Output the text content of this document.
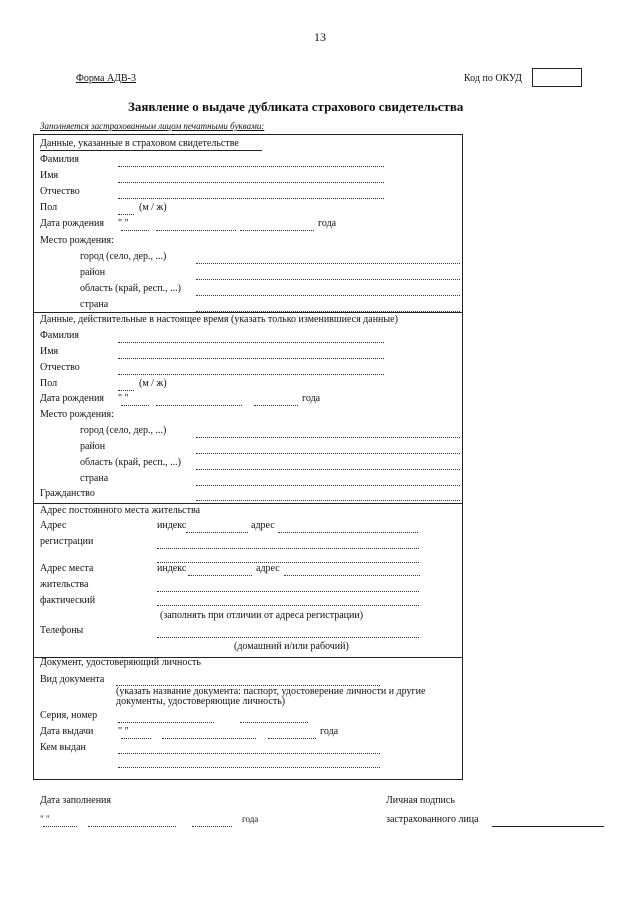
13
Форма АДВ-3	Код по ОКУД
Заявление о выдаче дубликата страхового свидетельства
Заполняется застрахованным лицом печатными буквами:
Данные, указанные в страховом свидетельстве
Фамилия
Имя
Отчество
Пол	(м / ж)
Дата рождения " "	года
Место рождения:
город (село, дер., ...)
район
область (край, респ., ...)
страна
Данные, действительные в настоящее время (указать только изменившиеся данные)
Фамилия
Имя
Отчество
Пол	(м / ж)
Дата рождения " "	года
Место рождения:
город (село, дер., ...)
район
область (край, респ., ...)
страна
Гражданство
Адрес постоянного места жительства
Адрес
регистрации
индекс	адрес
Адрес места
жительства
фактический
индекс	адрес
(заполнять при отличии от адреса регистрации)
Телефоны
(домашний и/или рабочий)
Документ, удостоверяющий личность
Вид документа
(указать название документа: паспорт, удостоверение личности и другие
документы, удостоверяющие личность)
Серия, номер
Дата выдачи " "	года
Кем выдан
Дата заполнения
" "	года
Личная подпись
застрахованного лица
